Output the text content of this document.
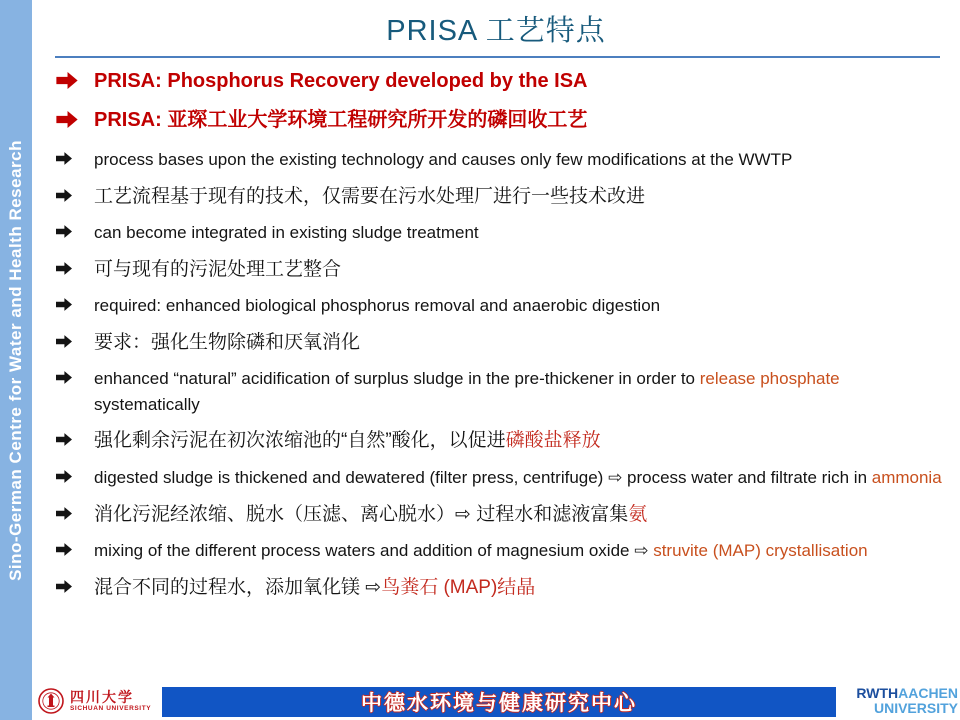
Sino-German Centre for Water and Health Research
PRISA 工艺特点
PRISA: Phosphorus Recovery developed by the ISA
PRISA: 亚琛工业大学环境工程研究所开发的磷回收工艺
process bases upon the existing technology and causes only few modifications at the WWTP
工艺流程基于现有的技术，仅需要在污水处理厂进行一些技术改进
can become integrated in existing sludge treatment
可与现有的污泥处理工艺整合
required: enhanced biological phosphorus removal and anaerobic digestion
要求：强化生物除磷和厌氧消化
enhanced “natural” acidification of surplus sludge in the pre-thickener in order to release phosphate systematically
强化剩余污泥在初次浓缩池的“自然”酸化，以促进磷酸盐释放
digested sludge is thickened and dewatered (filter press, centrifuge) ⇨ process water and filtrate rich in ammonia
消化污泥经浓缩、脱水（压滤、离心脱水）⇨ 过程水和滤液富集氨
mixing of the different process waters and addition of magnesium oxide ⇨ struvite (MAP) crystallisation
混合不同的过程水，添加氧化镁 ⇨鸟粪石 (MAP)结晶
四川大学
SICHUAN UNIVERSITY	中德水环境与健康研究中心	RWTHAACHEN
UNIVERSITY
